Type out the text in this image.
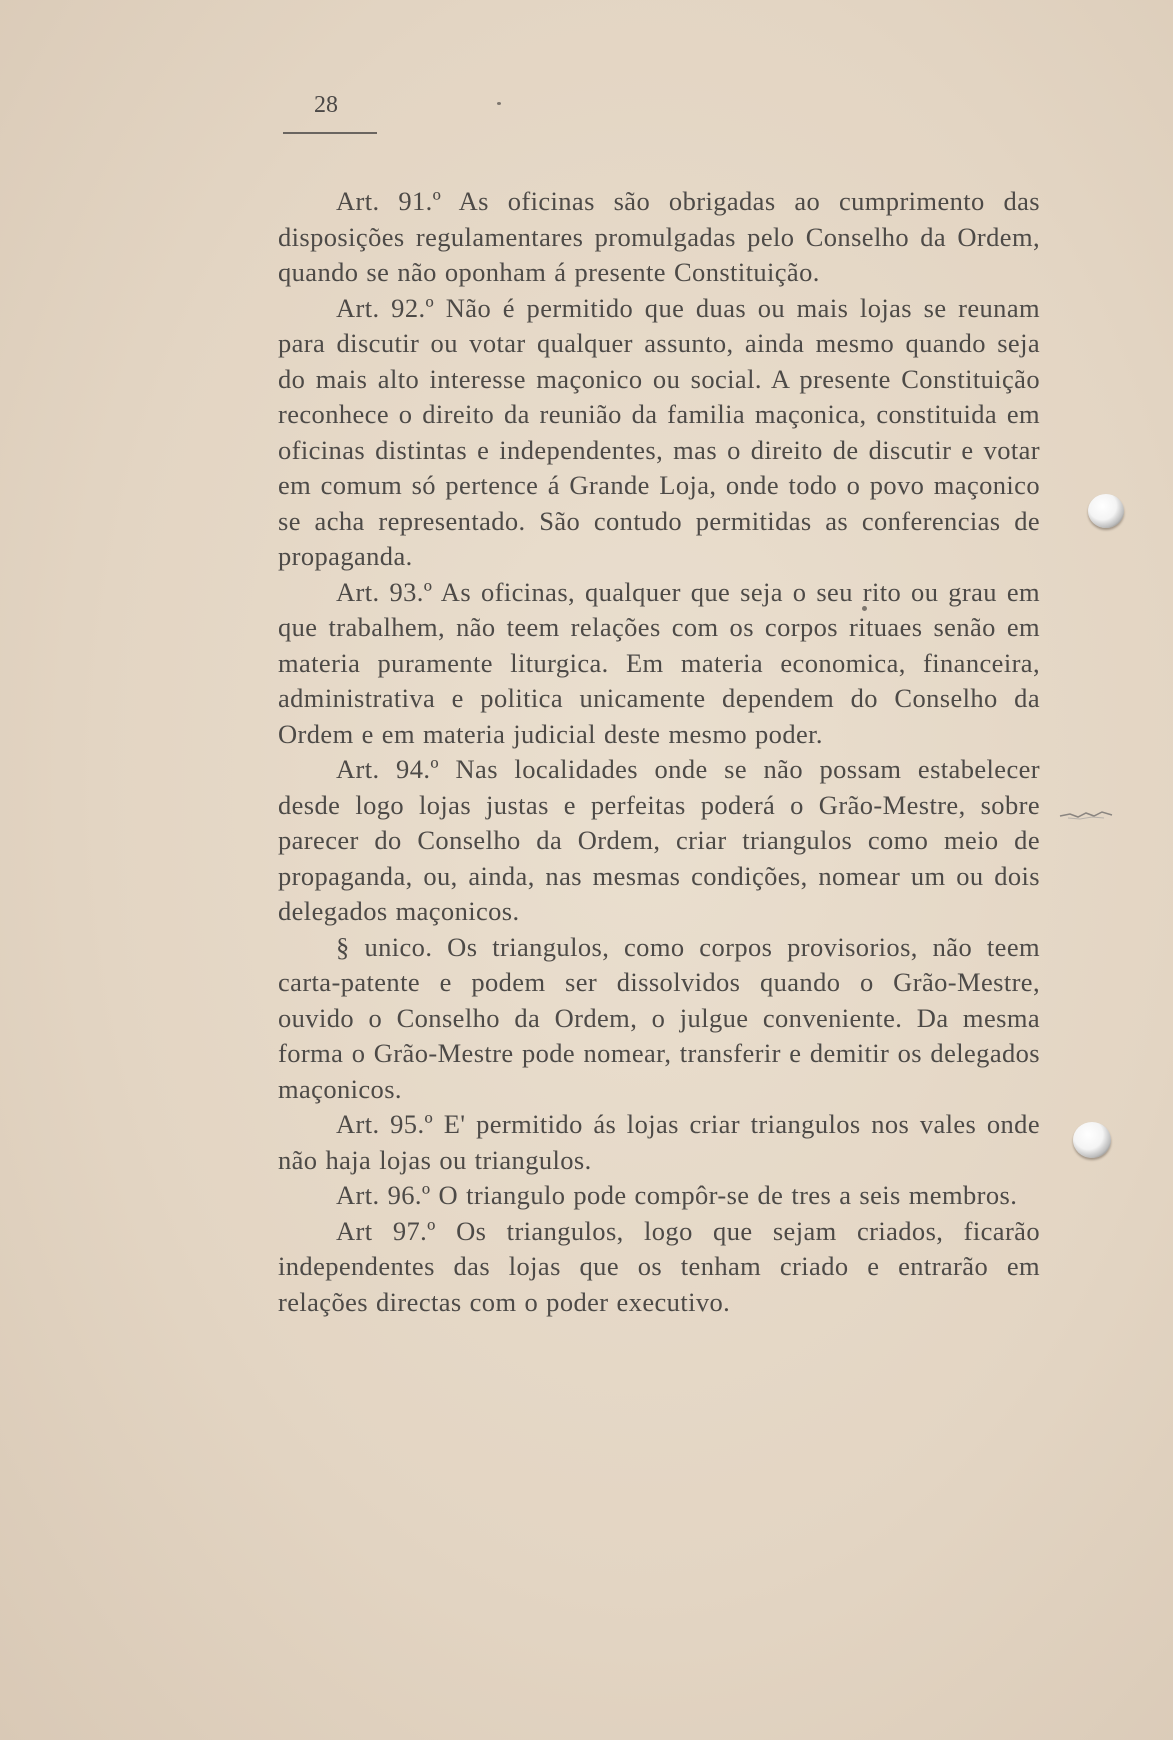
28

Art. 91.º As oficinas são obrigadas ao cumprimento das disposições regulamentares promulgadas pelo Conselho da Ordem, quando se não oponham á presente Constituição.

Art. 92.º Não é permitido que duas ou mais lojas se reunam para discutir ou votar qualquer assunto, ainda mesmo quando seja do mais alto interesse maçonico ou social. A presente Constituição reconhece o direito da reunião da familia maçonica, constituida em oficinas distintas e independentes, mas o direito de discutir e votar em comum só pertence á Grande Loja, onde todo o povo maçonico se acha representado. São contudo permitidas as conferencias de propaganda.

Art. 93.º As oficinas, qualquer que seja o seu rito ou grau em que trabalhem, não teem relações com os corpos rituaes senão em materia puramente liturgica. Em materia economica, financeira, administrativa e politica unicamente dependem do Conselho da Ordem e em materia judicial deste mesmo poder.

Art. 94.º Nas localidades onde se não possam estabelecer desde logo lojas justas e perfeitas poderá o Grão-Mestre, sobre parecer do Conselho da Ordem, criar triangulos como meio de propaganda, ou, ainda, nas mesmas condições, nomear um ou dois delegados maçonicos.

§ unico. Os triangulos, como corpos provisorios, não teem carta-patente e podem ser dissolvidos quando o Grão-Mestre, ouvido o Conselho da Ordem, o julgue conveniente. Da mesma forma o Grão-Mestre pode nomear, transferir e demitir os delegados maçonicos.

Art. 95.º E' permitido ás lojas criar triangulos nos vales onde não haja lojas ou triangulos.

Art. 96.º O triangulo pode compôr-se de tres a seis membros.

Art 97.º Os triangulos, logo que sejam criados, ficarão independentes das lojas que os tenham criado e entrarão em relações directas com o poder executivo.
